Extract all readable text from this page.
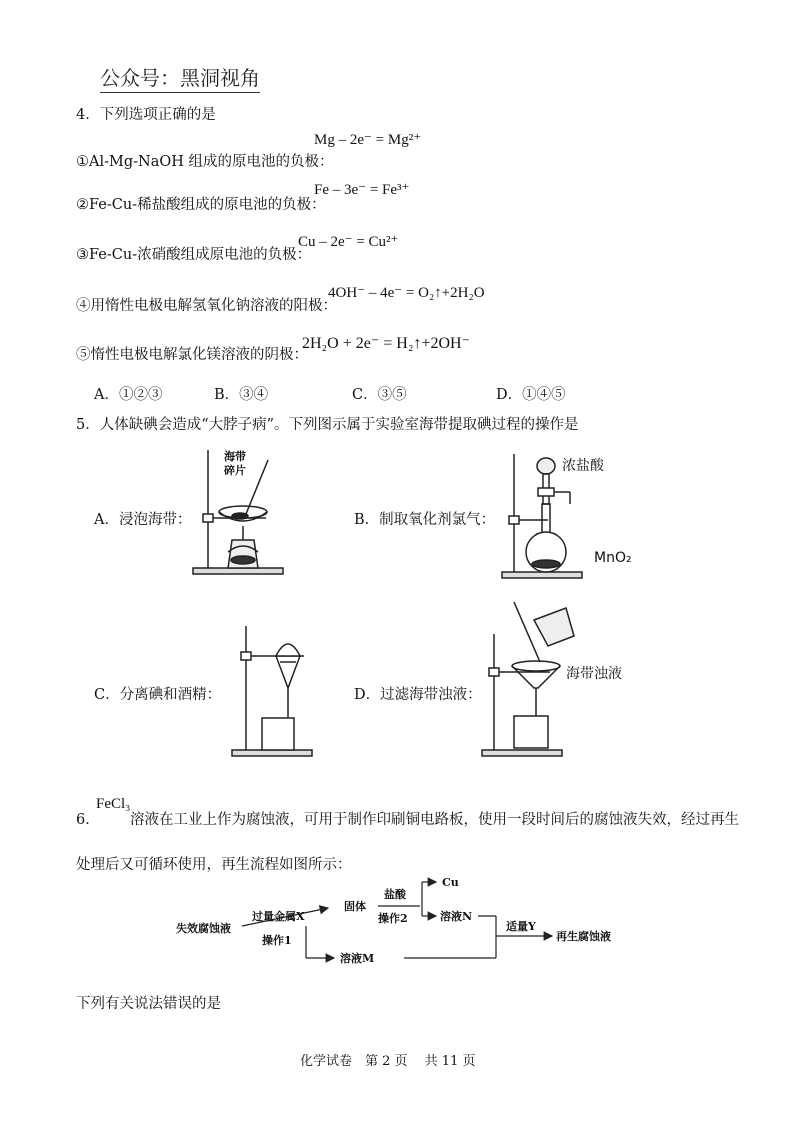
公众号：黑洞视角
4．下列选项正确的是
①Al-Mg-NaOH 组成的原电池的负极：
Mg – 2e⁻ = Mg²⁺
②Fe-Cu-稀盐酸组成的原电池的负极：
Fe – 3e⁻ = Fe³⁺
③Fe-Cu-浓硝酸组成原电池的负极：
Cu – 2e⁻ = Cu²⁺
④用惰性电极电解氢氧化钠溶液的阳极：
4OH⁻ – 4e⁻ = O₂↑+2H₂O
⑤惰性电极电解氯化镁溶液的阴极：
2H₂O + 2e⁻ = H₂↑+2OH⁻
A．①②③	B．③④	C．③⑤	D．①④⑤
5．人体缺碘会造成“大脖子病”。下列图示属于实验室海带提取碘过程的操作是
A．浸泡海带：	B．制取氧化剂氯气：
C．分离碘和酒精：	D．过滤海带浊液：
海带
碎片	浓盐酸
MnO₂
海带浊液
6．
FeCl₃
溶液在工业上作为腐蚀液，可用于制作印刷铜电路板，使用一段时间后的腐蚀液失效，经过再生
处理后又可循环使用，再生流程如图所示：
失效腐蚀液
过量金属X
操作1
固体
盐酸
操作2
Cu
溶液N
适量Y
再生腐蚀液
溶液M
下列有关说法错误的是
化学试卷　第 2 页　 共 11 页
